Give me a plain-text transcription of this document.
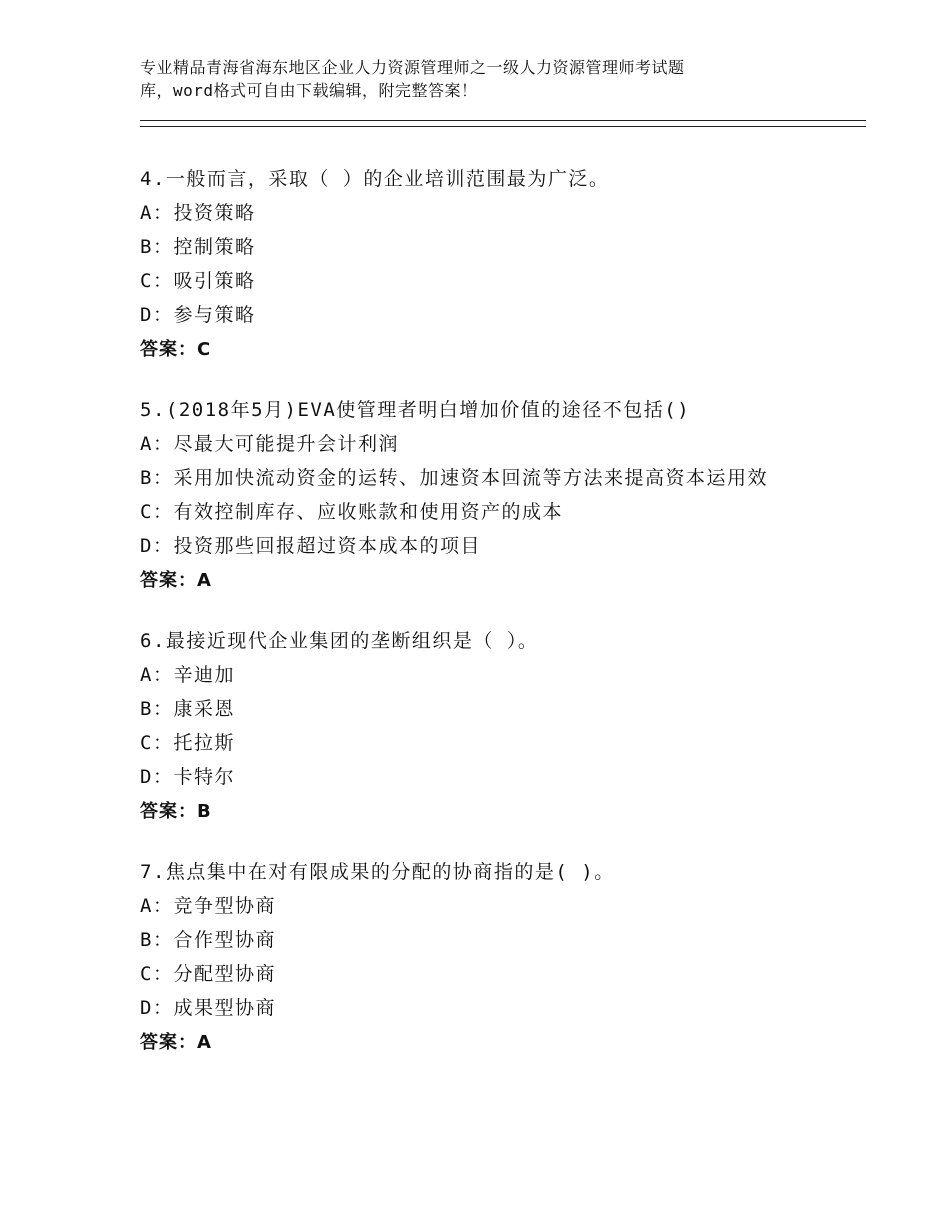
专业精品青海省海东地区企业人力资源管理师之一级人力资源管理师考试题
库，word格式可自由下载编辑，附完整答案！
4.一般而言，采取（ ）的企业培训范围最为广泛。
A：投资策略
B：控制策略
C：吸引策略
D：参与策略
答案：C
5.(2018年5月)EVA使管理者明白增加价值的途径不包括()
A：尽最大可能提升会计利润
B：采用加快流动资金的运转、加速资本回流等方法来提高资本运用效
C：有效控制库存、应收账款和使用资产的成本
D：投资那些回报超过资本成本的项目
答案：A
6.最接近现代企业集团的垄断组织是（ ）。
A：辛迪加
B：康采恩
C：托拉斯
D：卡特尔
答案：B
7.焦点集中在对有限成果的分配的协商指的是( )。
A：竞争型协商
B：合作型协商
C：分配型协商
D：成果型协商
答案：A
